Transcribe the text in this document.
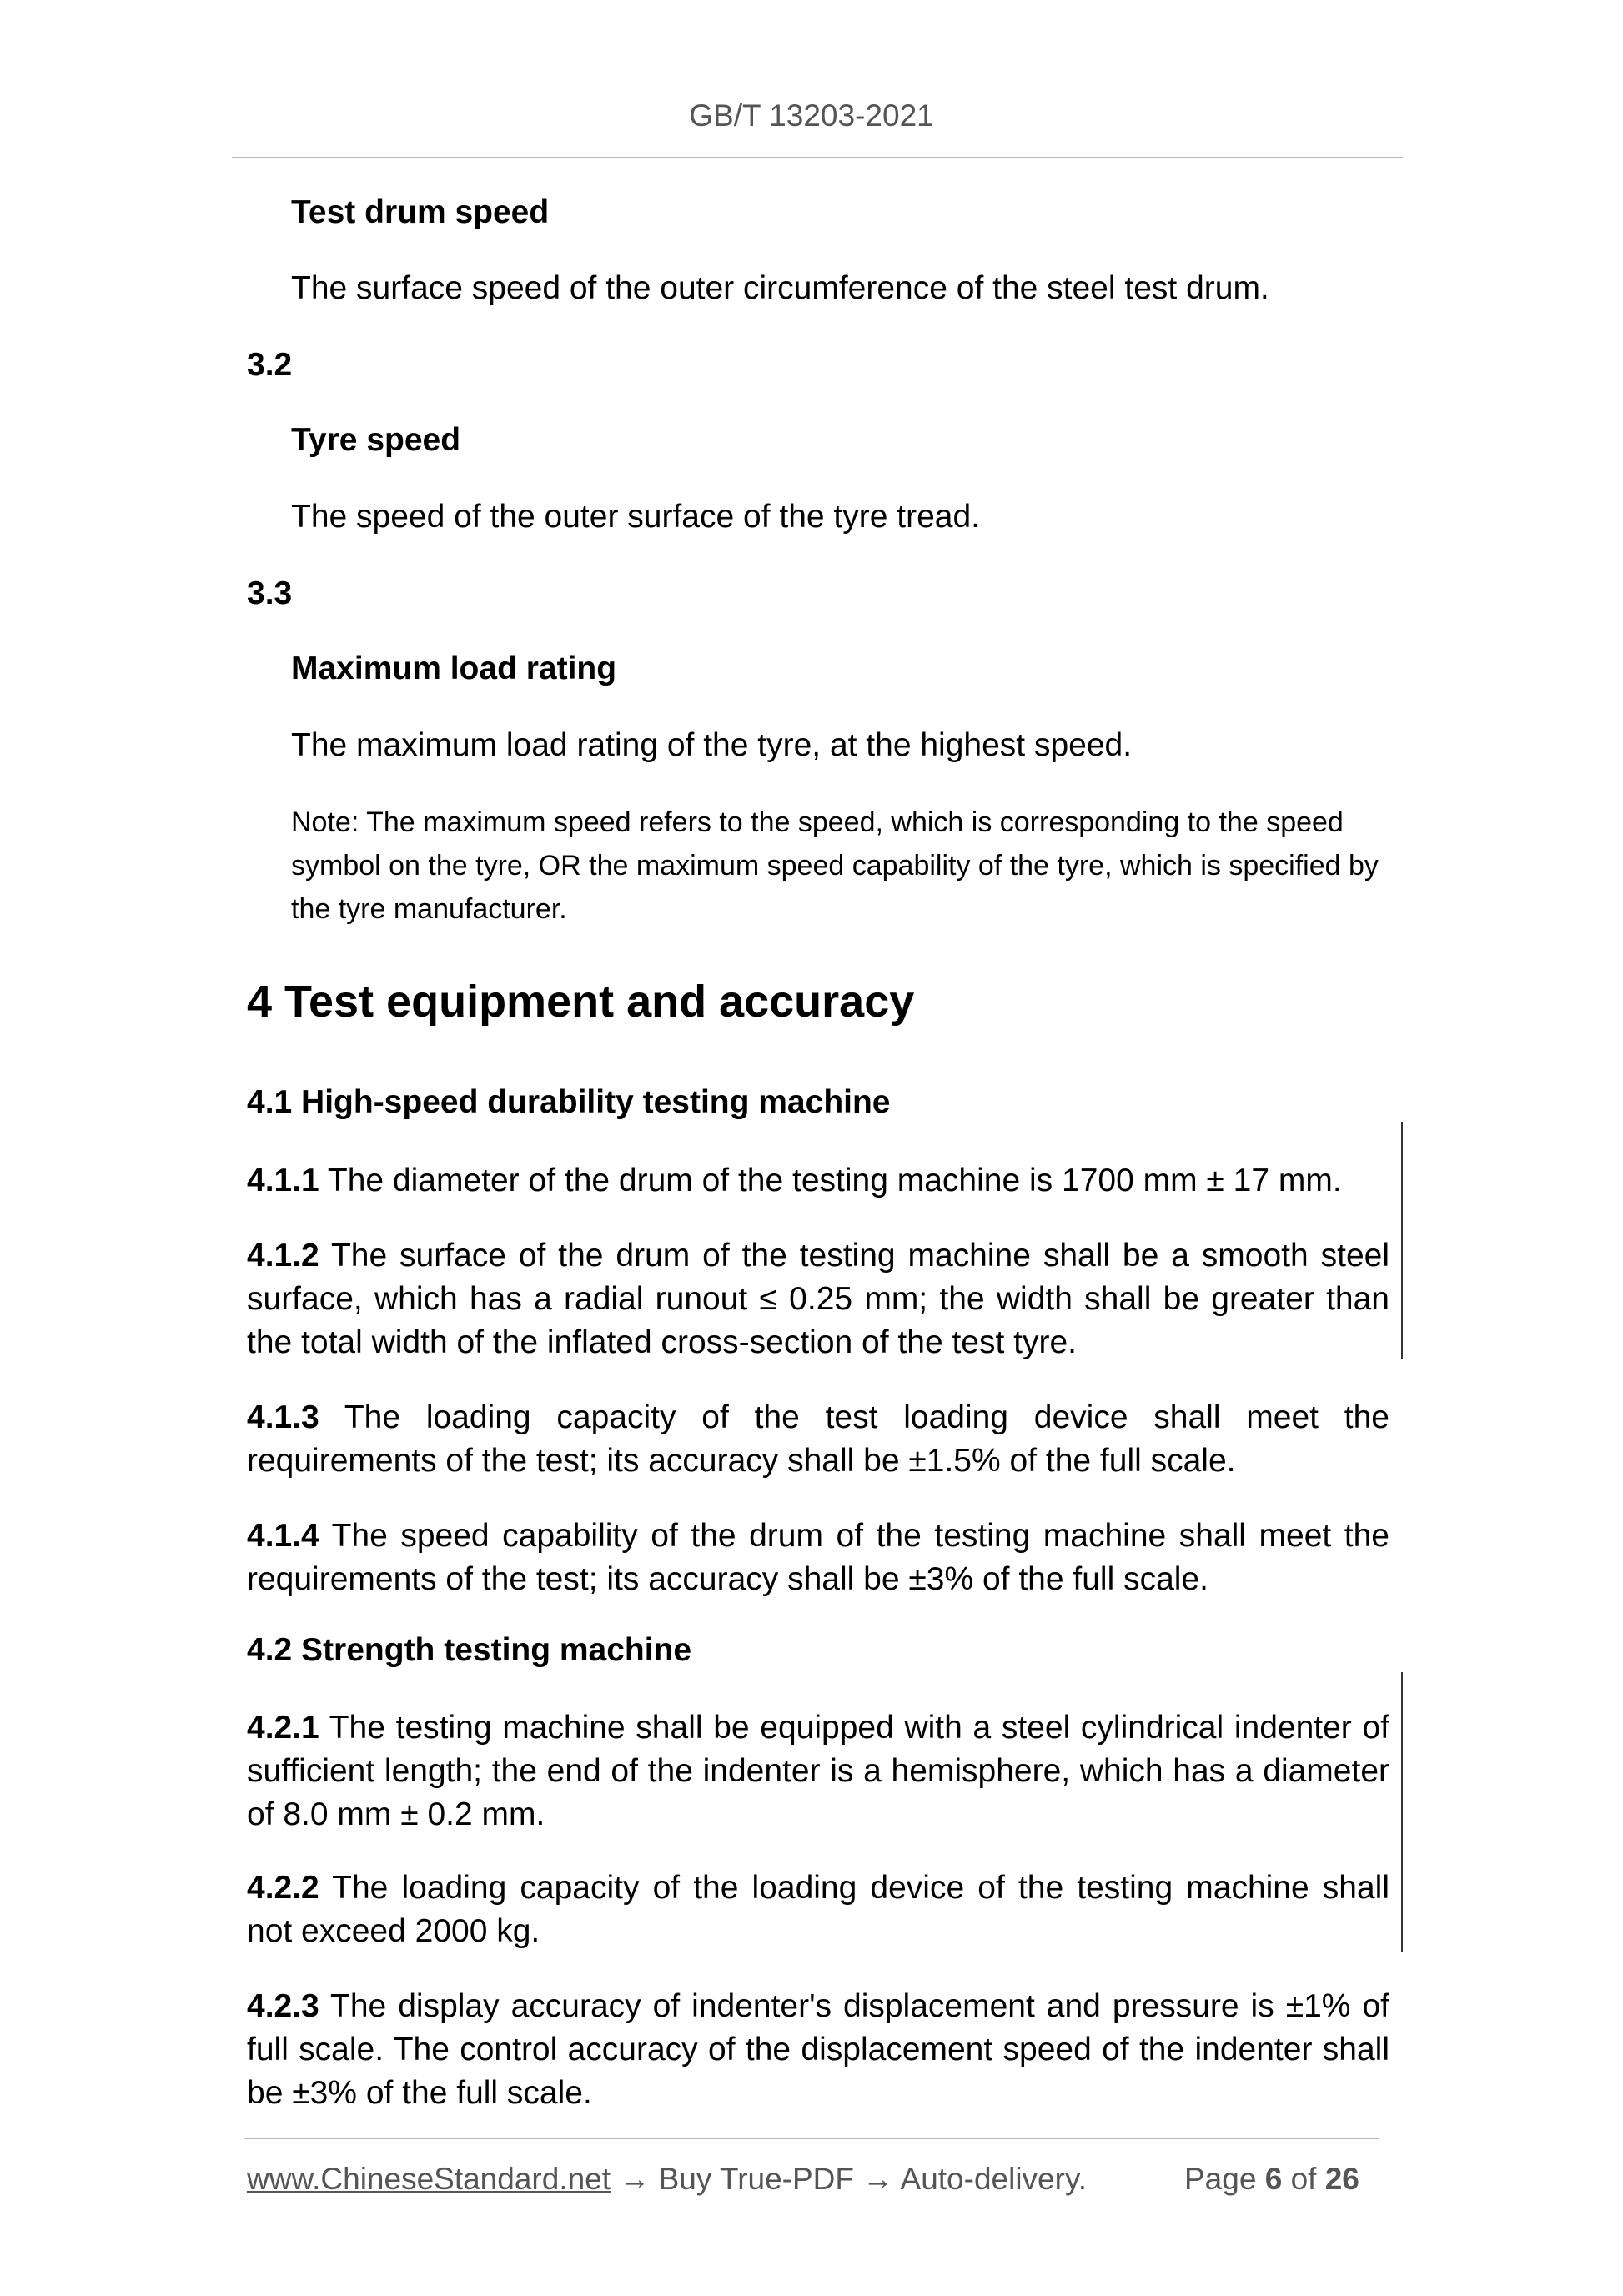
GB/T 13203-2021
Test drum speed
The surface speed of the outer circumference of the steel test drum.
3.2
Tyre speed
The speed of the outer surface of the tyre tread.
3.3
Maximum load rating
The maximum load rating of the tyre, at the highest speed.
Note: The maximum speed refers to the speed, which is corresponding to the speed symbol on the tyre, OR the maximum speed capability of the tyre, which is specified by the tyre manufacturer.
4 Test equipment and accuracy
4.1 High-speed durability testing machine
4.1.1 The diameter of the drum of the testing machine is 1700 mm ± 17 mm.
4.1.2 The surface of the drum of the testing machine shall be a smooth steel surface, which has a radial runout ≤ 0.25 mm; the width shall be greater than the total width of the inflated cross-section of the test tyre.
4.1.3 The loading capacity of the test loading device shall meet the requirements of the test; its accuracy shall be ±1.5% of the full scale.
4.1.4 The speed capability of the drum of the testing machine shall meet the requirements of the test; its accuracy shall be ±3% of the full scale.
4.2 Strength testing machine
4.2.1 The testing machine shall be equipped with a steel cylindrical indenter of sufficient length; the end of the indenter is a hemisphere, which has a diameter of 8.0 mm ± 0.2 mm.
4.2.2 The loading capacity of the loading device of the testing machine shall not exceed 2000 kg.
4.2.3 The display accuracy of indenter's displacement and pressure is ±1% of full scale. The control accuracy of the displacement speed of the indenter shall be ±3% of the full scale.
www.ChineseStandard.net → Buy True-PDF → Auto-delivery.	Page 6 of 26
